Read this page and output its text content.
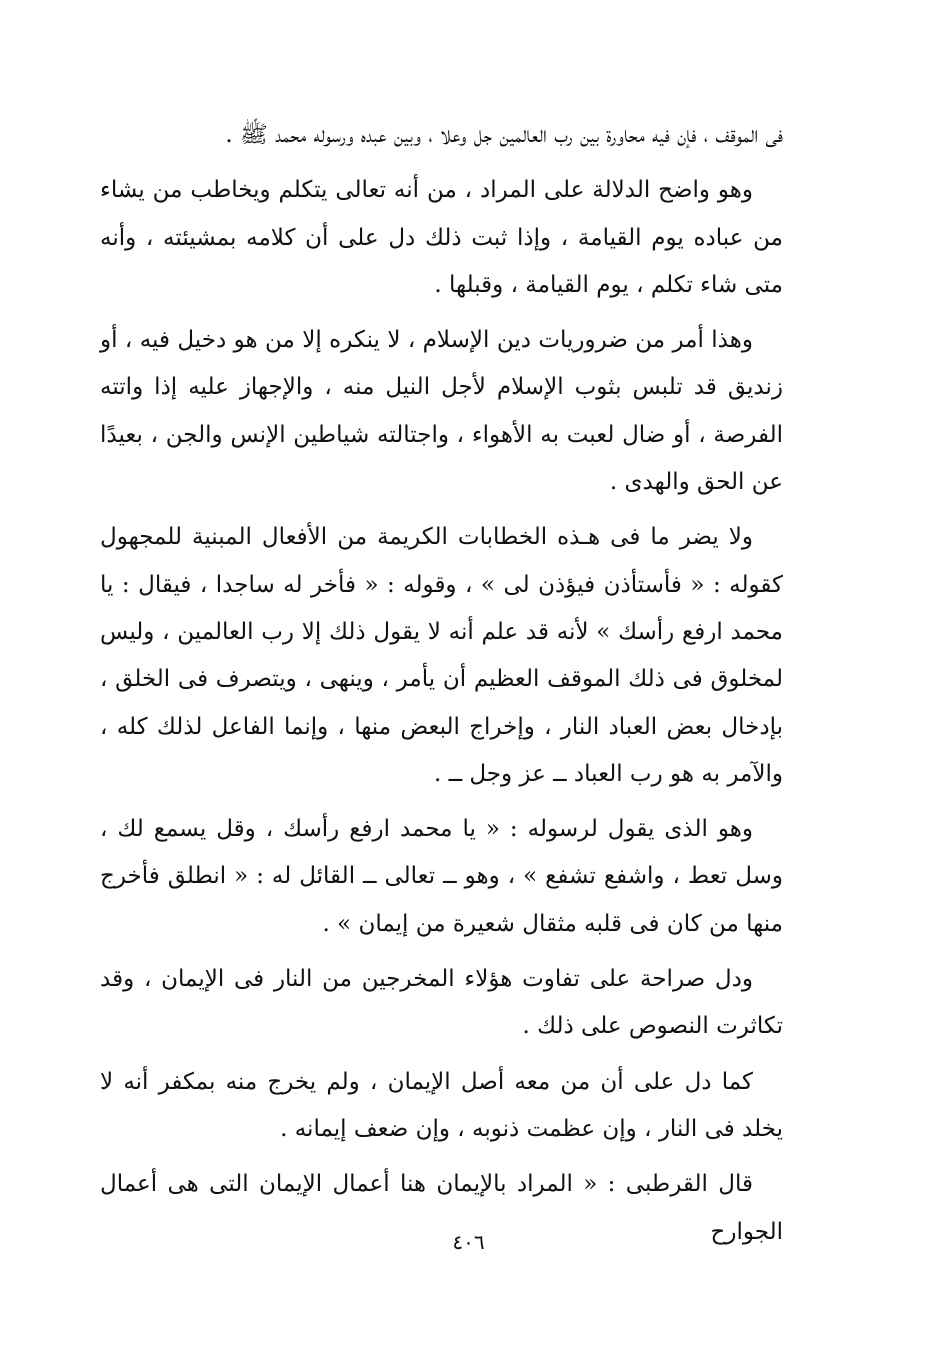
فى الموقف ، فإن فيه محاورة بين رب العالمين جل وعلا ، وبين عبده ورسوله محمد ﷺ .

وهو واضح الدلالة على المراد ، من أنه تعالى يتكلم ويخاطب من يشاء من عباده يوم القيامة ، وإذا ثبت ذلك دل على أن كلامه بمشيئته ، وأنه متى شاء تكلم ، يوم القيامة ، وقبلها .

وهذا أمر من ضروريات دين الإسلام ، لا ينكره إلا من هو دخيل فيه ، أو زنديق قد تلبس بثوب الإسلام لأجل النيل منه ، والإجهاز عليه إذا واتته الفرصة ، أو ضال لعبت به الأهواء ، واجتالته شياطين الإنس والجن ، بعيدًا عن الحق والهدى .

ولا يضر ما فى هـذه الخطابات الكريمة من الأفعال المبنية للمجهول كقوله : « فأستأذن فيؤذن لى » ، وقوله : « فأخر له ساجدا ، فيقال : يا محمد ارفع رأسك » لأنه قد علم أنه لا يقول ذلك إلا رب العالمين ، وليس لمخلوق فى ذلك الموقف العظيم أن يأمر ، وينهى ، ويتصرف فى الخلق ، بإدخال بعض العباد النار ، وإخراج البعض منها ، وإنما الفاعل لذلك كله ، والآمر به هو رب العباد ــ عز وجل ــ .

وهو الذى يقول لرسوله : « يا محمد ارفع رأسك ، وقل يسمع لك ، وسل تعط ، واشفع تشفع » ، وهو ــ تعالى ــ القائل له : « انطلق فأخرج منها من كان فى قلبه مثقال شعيرة من إيمان » .

ودل صراحة على تفاوت هؤلاء المخرجين من النار فى الإيمان ، وقد تكاثرت النصوص على ذلك .

كما دل على أن من معه أصل الإيمان ، ولم يخرج منه بمكفر أنه لا يخلد فى النار ، وإن عظمت ذنوبه ، وإن ضعف إيمانه .

قال القرطبى : « المراد بالإيمان هنا أعمال الإيمان التى هى أعمال الجوارح

٤٠٦
